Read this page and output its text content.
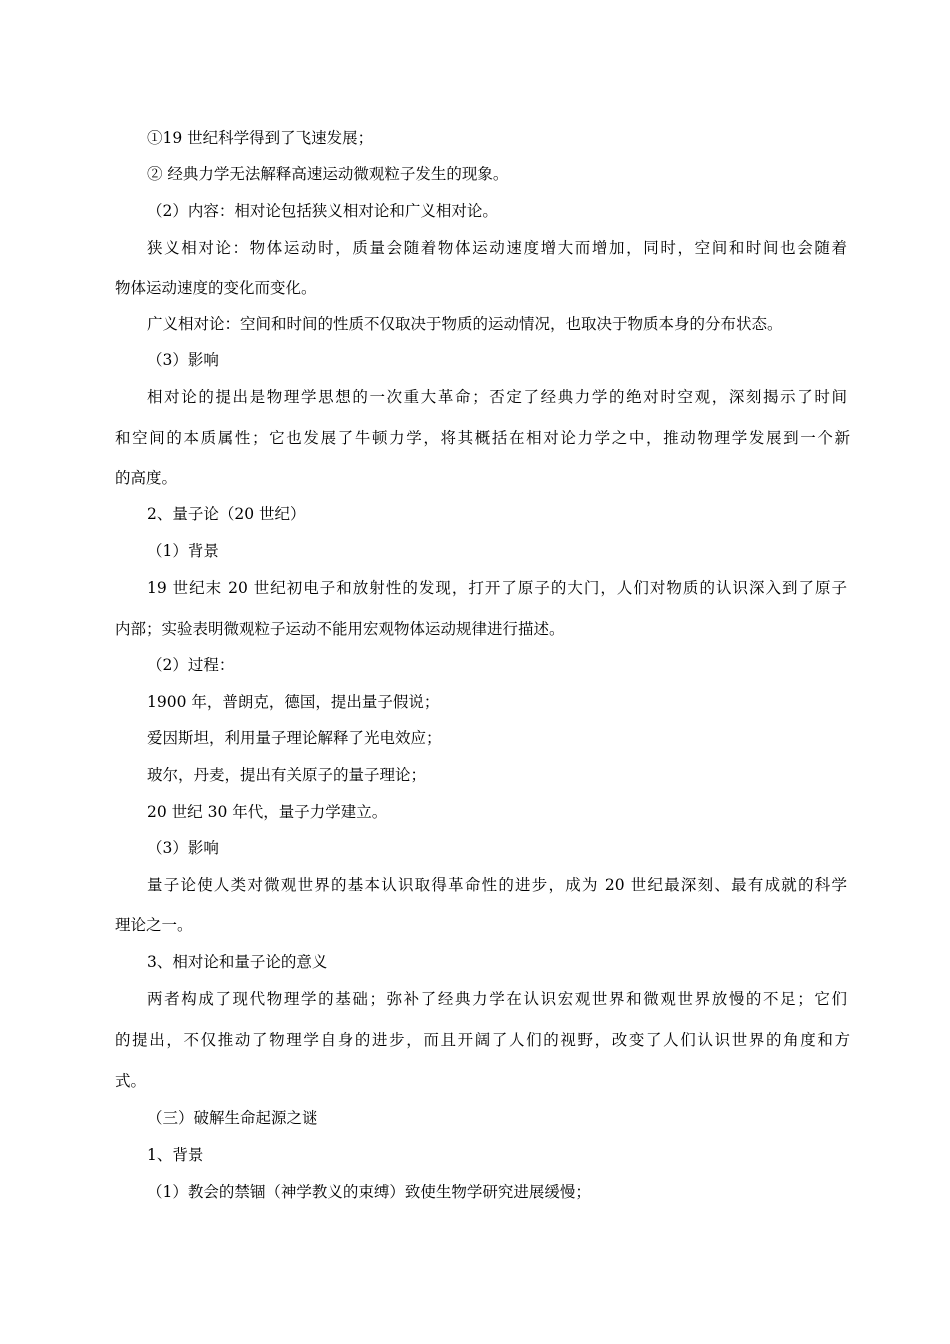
①19 世纪科学得到了飞速发展；
② 经典力学无法解释高速运动微观粒子发生的现象。
（2）内容：相对论包括狭义相对论和广义相对论。
狭义相对论：物体运动时，质量会随着物体运动速度增大而增加，同时，空间和时间也会随着
物体运动速度的变化而变化。
广义相对论：空间和时间的性质不仅取决于物质的运动情况，也取决于物质本身的分布状态。
（3）影响
相对论的提出是物理学思想的一次重大革命；否定了经典力学的绝对时空观，深刻揭示了时间
和空间的本质属性；它也发展了牛顿力学，将其概括在相对论力学之中，推动物理学发展到一个新
的高度。
2、量子论（20 世纪）
（1）背景
19 世纪末 20 世纪初电子和放射性的发现，打开了原子的大门，人们对物质的认识深入到了原子
内部；实验表明微观粒子运动不能用宏观物体运动规律进行描述。
（2）过程：
1900 年，普朗克，德国，提出量子假说；
爱因斯坦，利用量子理论解释了光电效应；
玻尔，丹麦，提出有关原子的量子理论；
20 世纪 30 年代，量子力学建立。
（3）影响
量子论使人类对微观世界的基本认识取得革命性的进步，成为 20 世纪最深刻、最有成就的科学
理论之一。
3、相对论和量子论的意义
两者构成了现代物理学的基础；弥补了经典力学在认识宏观世界和微观世界放慢的不足；它们
的提出，不仅推动了物理学自身的进步，而且开阔了人们的视野，改变了人们认识世界的角度和方
式。
（三）破解生命起源之谜
1、背景
（1）教会的禁锢（神学教义的束缚）致使生物学研究进展缓慢；
